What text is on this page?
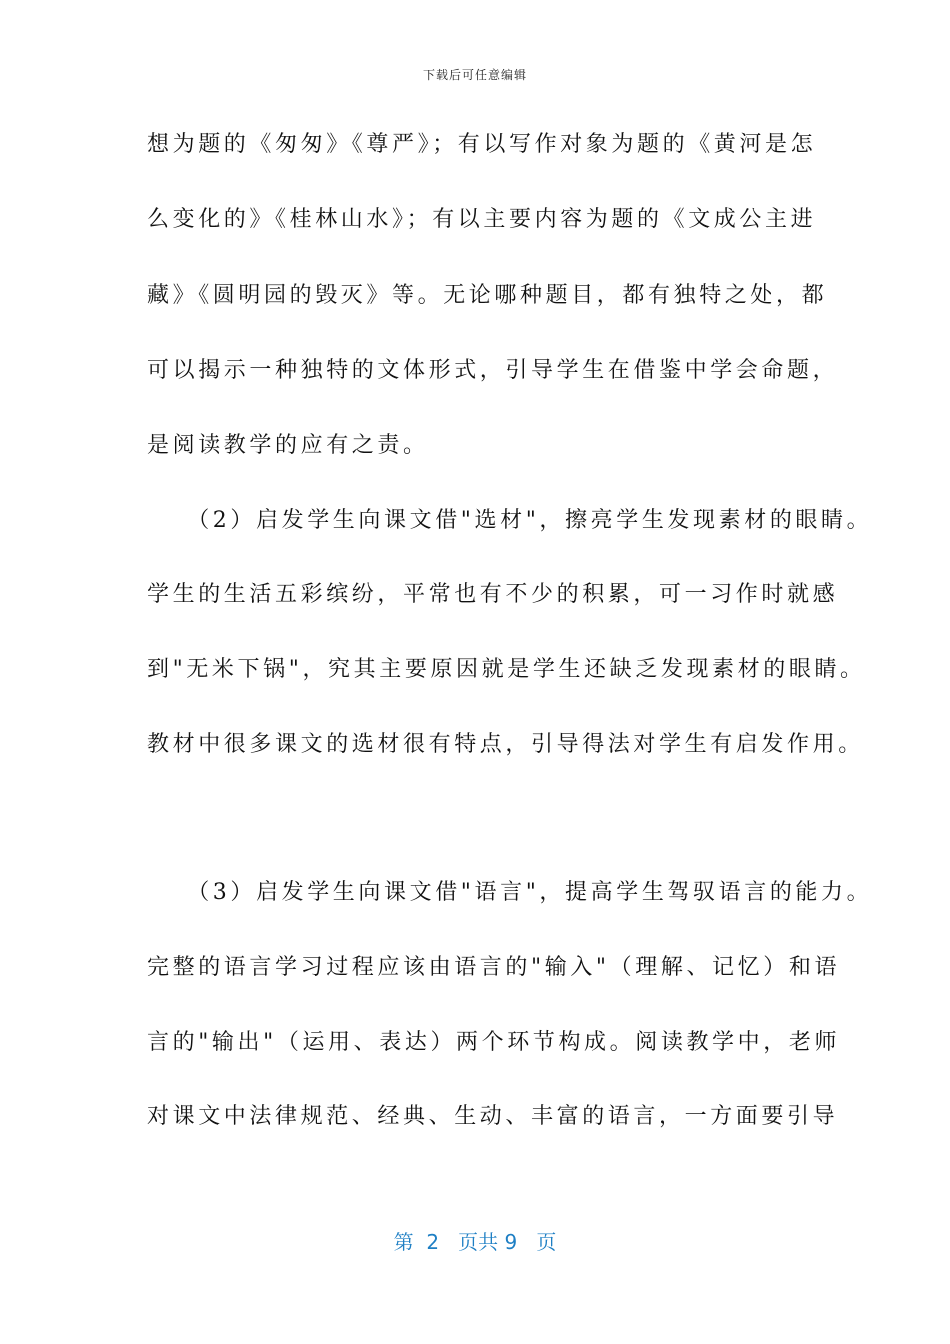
下载后可任意编辑
想为题的《匆匆》《尊严》；有以写作对象为题的《黄河是怎
么变化的》《桂林山水》；有以主要内容为题的《文成公主进
藏》《圆明园的毁灭》等。无论哪种题目，都有独特之处，都
可以揭示一种独特的文体形式，引导学生在借鉴中学会命题，
是阅读教学的应有之责。
　　（2）启发学生向课文借"选材"，擦亮学生发现素材的眼睛。
学生的生活五彩缤纷，平常也有不少的积累，可一习作时就感
到"无米下锅"，究其主要原因就是学生还缺乏发现素材的眼睛。
教材中很多课文的选材很有特点，引导得法对学生有启发作用。
　　（3）启发学生向课文借"语言"，提高学生驾驭语言的能力。
完整的语言学习过程应该由语言的"输入"（理解、记忆）和语
言的"输出"（运用、表达）两个环节构成。阅读教学中，老师
对课文中法律规范、经典、生动、丰富的语言，一方面要引导
第  2   页共 9   页
